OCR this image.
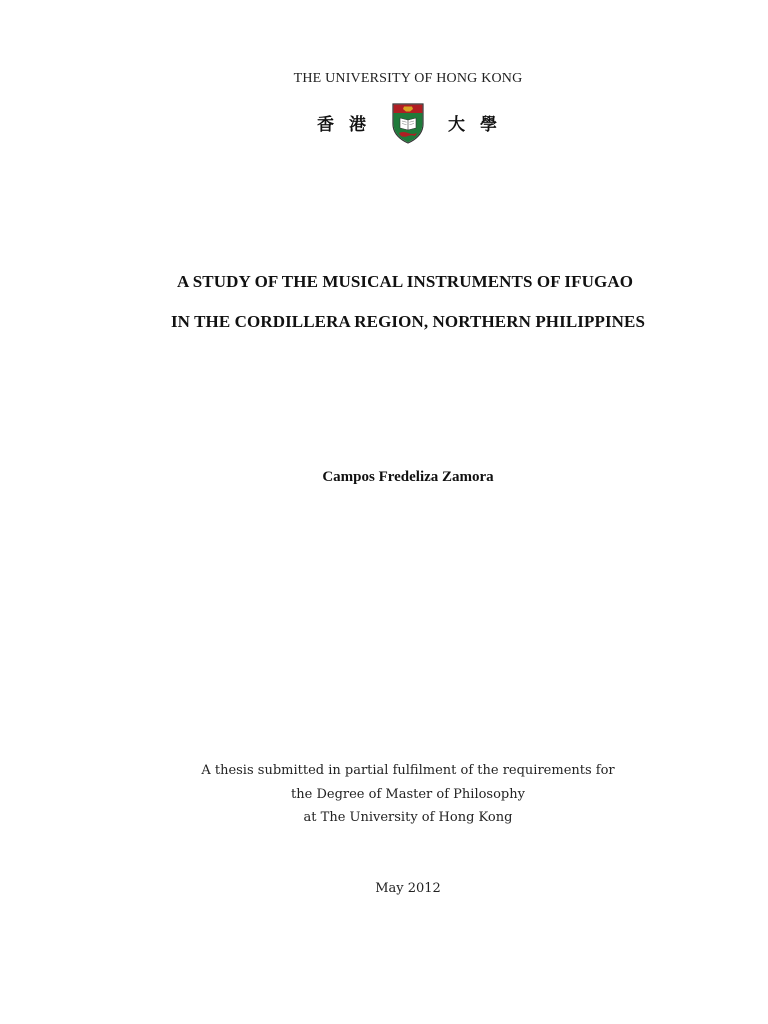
THE UNIVERSITY OF HONG KONG
香 港	大 學
A STUDY OF THE MUSICAL INSTRUMENTS OF IFUGAO
IN THE CORDILLERA REGION, NORTHERN PHILIPPINES
Campos Fredeliza Zamora
A thesis submitted in partial fulfilment of the requirements for
the Degree of Master of Philosophy
at The University of Hong Kong
May 2012
